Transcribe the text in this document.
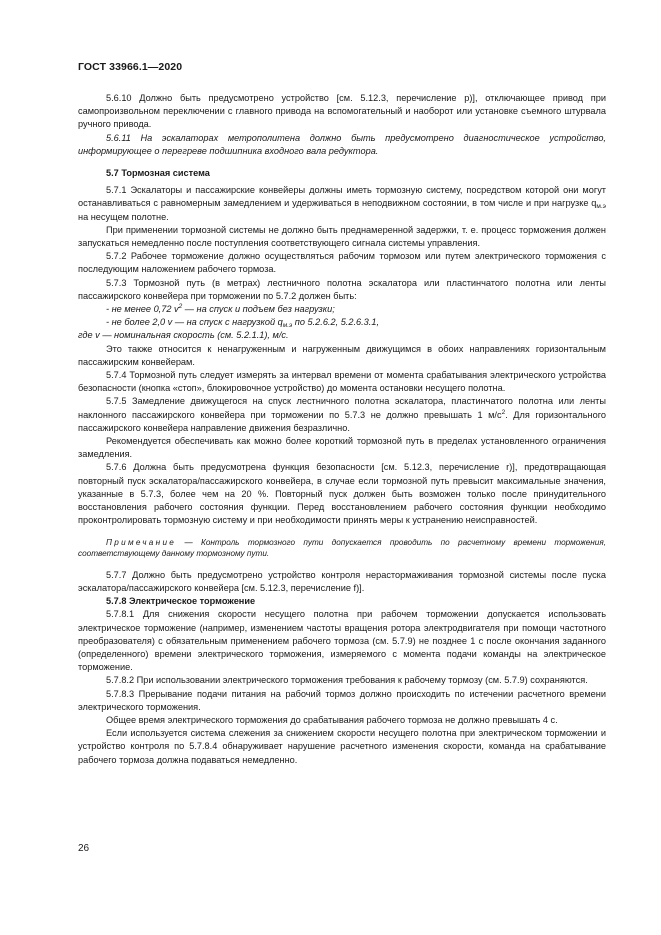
ГОСТ 33966.1—2020

5.6.10 Должно быть предусмотрено устройство [см. 5.12.3, перечисление p)], отключающее привод при самопроизвольном переключении с главного привода на вспомогательный и наоборот или установке съемного штурвала ручного привода.

5.6.11 На эскалаторах метрополитена должно быть предусмотрено диагностическое устройство, информирующее о перегреве подшипника входного вала редуктора.

5.7 Тормозная система

5.7.1 Эскалаторы и пассажирские конвейеры должны иметь тормозную систему, посредством которой они могут останавливаться с равномерным замедлением и удерживаться в неподвижном состоянии, в том числе и при нагрузке $q_{м.э}$ на несущем полотне.

При применении тормозной системы не должно быть преднамеренной задержки, т. е. процесс торможения должен запускаться немедленно после поступления соответствующего сигнала системы управления.

5.7.2 Рабочее торможение должно осуществляться рабочим тормозом или путем электрического торможения с последующим наложением рабочего тормоза.

5.7.3 Тормозной путь (в метрах) лестничного полотна эскалатора или пластинчатого полотна или ленты пассажирского конвейера при торможении по 5.7.2 должен быть:

- не менее 0,72 $v^2$ — на спуск и подъем без нагрузки;

- не более 2,0 v — на спуск с нагрузкой $q_{м.э}$ по 5.2.6.2, 5.2.6.3.1,

где v — номинальная скорость (см. 5.2.1.1), м/с.

Это также относится к ненагруженным и нагруженным движущимся в обоих направлениях горизонтальным пассажирским конвейерам.

5.7.4 Тормозной путь следует измерять за интервал времени от момента срабатывания электрического устройства безопасности (кнопка «стоп», блокировочное устройство) до момента остановки несущего полотна.

5.7.5 Замедление движущегося на спуск лестничного полотна эскалатора, пластинчатого полотна или ленты наклонного пассажирского конвейера при торможении по 5.7.3 не должно превышать 1 $м/с^2$. Для горизонтального пассажирского конвейера направление движения безразлично.

Рекомендуется обеспечивать как можно более короткий тормозной путь в пределах установленного ограничения замедления.

5.7.6 Должна быть предусмотрена функция безопасности [см. 5.12.3, перечисление r)], предотвращающая повторный пуск эскалатора/пассажирского конвейера, в случае если тормозной путь превысит максимальные значения, указанные в 5.7.3, более чем на 20 %. Повторный пуск должен быть возможен только после принудительного восстановления рабочего состояния функции. Перед восстановлением рабочего состояния функции необходимо проконтролировать тормозную систему и при необходимости принять меры к устранению неисправностей.

Примечание — Контроль тормозного пути допускается проводить по расчетному времени торможения, соответствующему данному тормозному пути.

5.7.7 Должно быть предусмотрено устройство контроля нерастормаживания тормозной системы после пуска эскалатора/пассажирского конвейера [см. 5.12.3, перечисление f)].

5.7.8 Электрическое торможение

5.7.8.1 Для снижения скорости несущего полотна при рабочем торможении допускается использовать электрическое торможение (например, изменением частоты вращения ротора электродвигателя при помощи частотного преобразователя) с обязательным применением рабочего тормоза (см. 5.7.9) не позднее 1 с после окончания заданного (определенного) времени электрического торможения, измеряемого с момента подачи команды на электрическое торможение.

5.7.8.2 При использовании электрического торможения требования к рабочему тормозу (см. 5.7.9) сохраняются.

5.7.8.3 Прерывание подачи питания на рабочий тормоз должно происходить по истечении расчетного времени электрического торможения.

Общее время электрического торможения до срабатывания рабочего тормоза не должно превышать 4 с.

Если используется система слежения за снижением скорости несущего полотна при электрическом торможении и устройство контроля по 5.7.8.4 обнаруживает нарушение расчетного изменения скорости, команда на срабатывание рабочего тормоза должна подаваться немедленно.

26
